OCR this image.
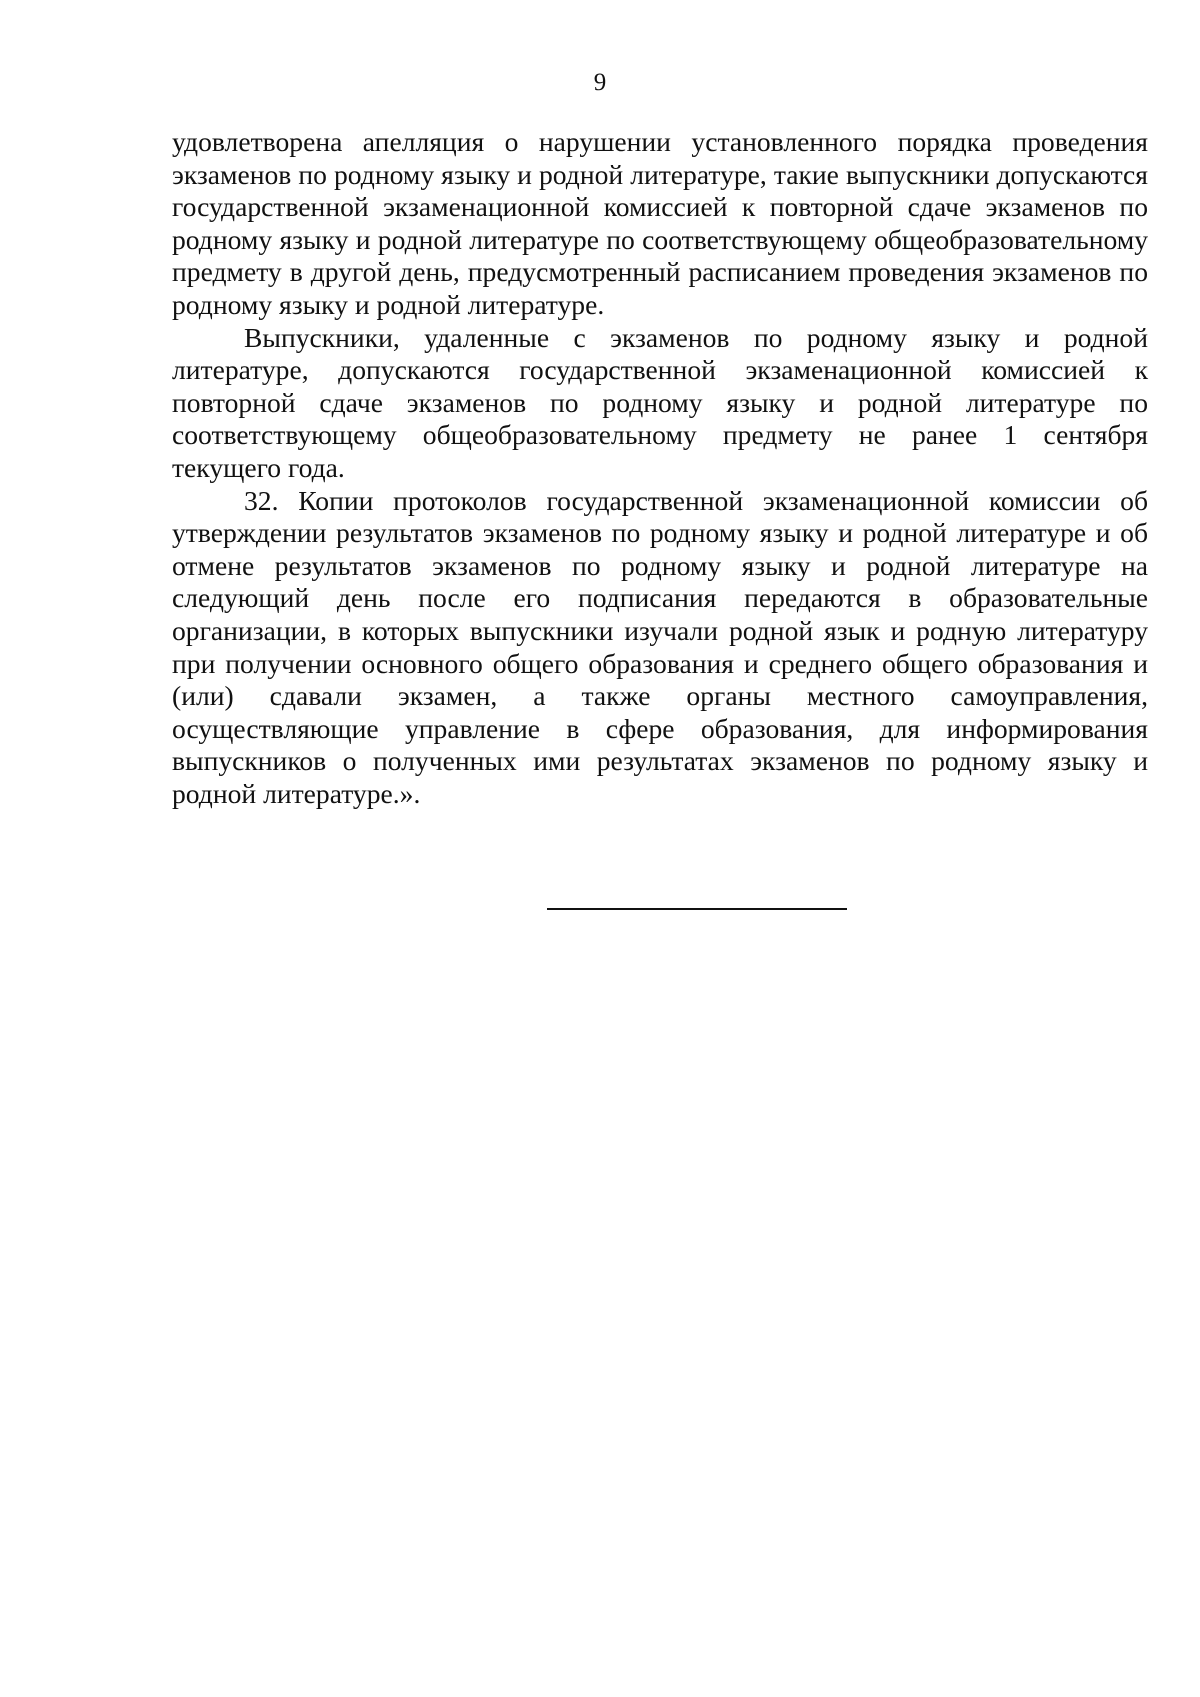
9

удовлетворена апелляция о нарушении установленного порядка проведения экзаменов по родному языку и родной литературе, такие выпускники допускаются государственной экзаменационной комиссией к повторной сдаче экзаменов по родному языку и родной литературе по соответствующему общеобразовательному предмету в другой день, предусмотренный расписанием проведения экзаменов по родному языку и родной литературе.

Выпускники, удаленные с экзаменов по родному языку и родной литературе, допускаются государственной экзаменационной комиссией к повторной сдаче экзаменов по родному языку и родной литературе по соответствующему общеобразовательному предмету не ранее 1 сентября текущего года.

32. Копии протоколов государственной экзаменационной комиссии об утверждении результатов экзаменов по родному языку и родной литературе и об отмене результатов экзаменов по родному языку и родной литературе на следующий день после его подписания передаются в образовательные организации, в которых выпускники изучали родной язык и родную литературу при получении основного общего образования и среднего общего образования и (или) сдавали экзамен, а также органы местного самоуправления, осуществляющие управление в сфере образования, для информирования выпускников о полученных ими результатах экзаменов по родному языку и родной литературе.».
